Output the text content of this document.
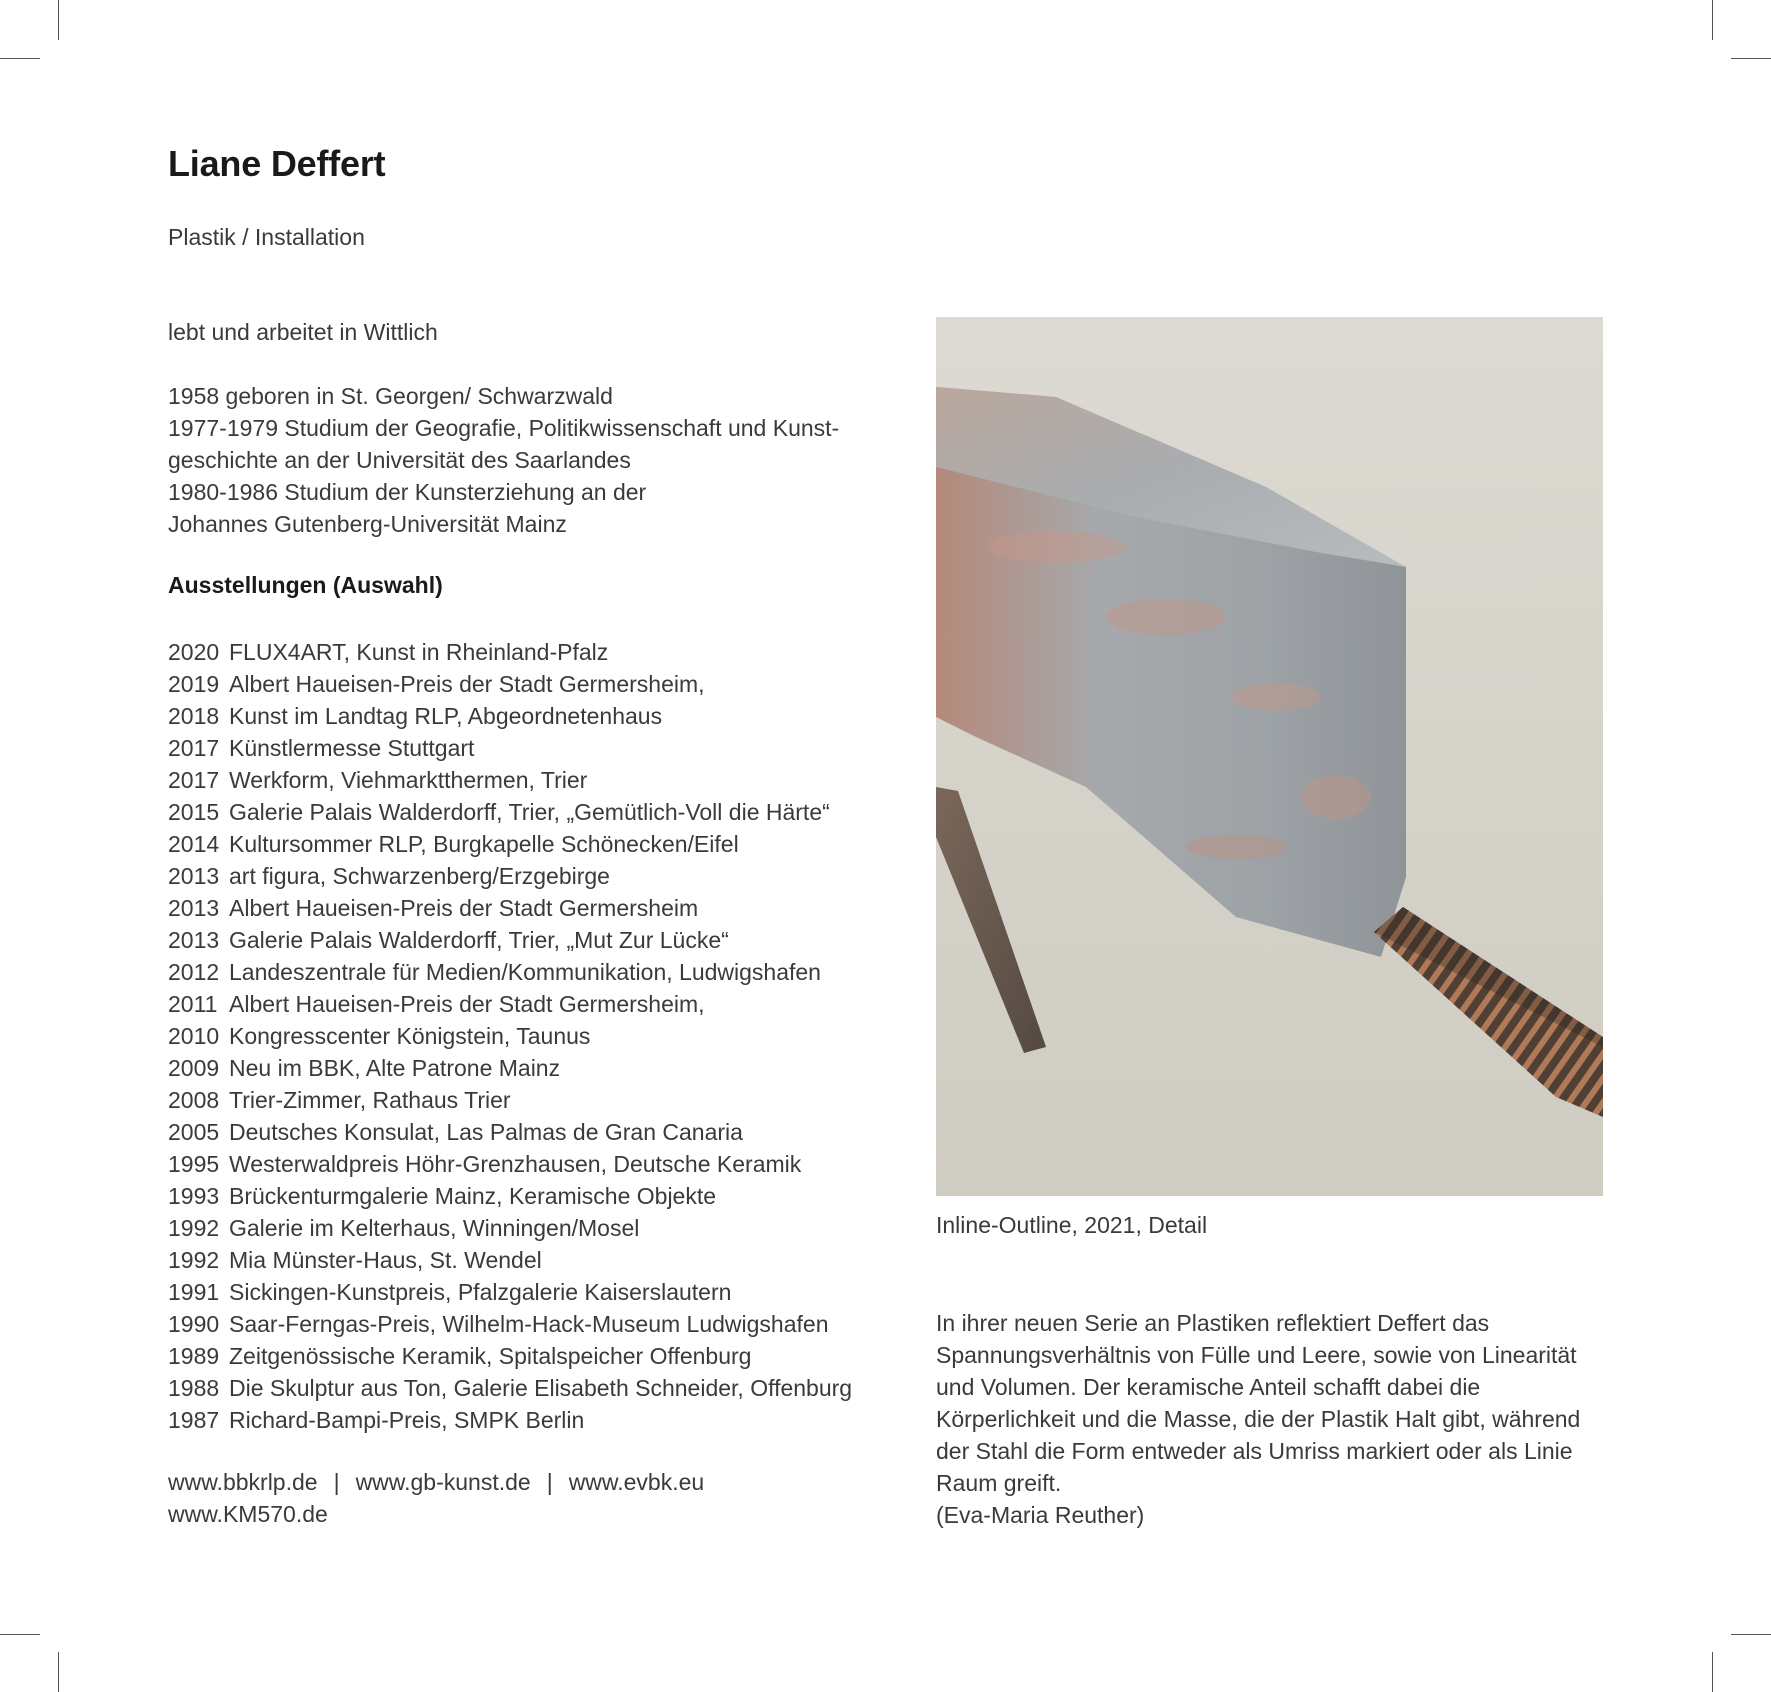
Liane Deffert
Plastik / Installation
lebt und arbeitet in Wittlich
1958 geboren in St. Georgen/ Schwarzwald
1977-1979 Studium der Geografie, Politikwissenschaft und Kunst-
geschichte an der Universität des Saarlandes
1980-1986 Studium der Kunsterziehung an der
Johannes Gutenberg-Universität Mainz
Ausstellungen (Auswahl)
2020 FLUX4ART, Kunst in Rheinland-Pfalz
2019 Albert Haueisen-Preis der Stadt Germersheim,
2018 Kunst im Landtag RLP, Abgeordnetenhaus
2017 Künstlermesse Stuttgart
2017 Werkform, Viehmarktthermen, Trier
2015 Galerie Palais Walderdorff, Trier, „Gemütlich-Voll die Härte“
2014 Kultursommer RLP, Burgkapelle Schönecken/Eifel
2013 art figura, Schwarzenberg/Erzgebirge
2013 Albert Haueisen-Preis der Stadt Germersheim
2013 Galerie Palais Walderdorff, Trier, „Mut Zur Lücke“
2012 Landeszentrale für Medien/Kommunikation, Ludwigshafen
2011 Albert Haueisen-Preis der Stadt Germersheim,
2010 Kongresscenter Königstein, Taunus
2009 Neu im BBK, Alte Patrone Mainz
2008 Trier-Zimmer, Rathaus Trier
2005 Deutsches Konsulat, Las Palmas de Gran Canaria
1995 Westerwaldpreis Höhr-Grenzhausen, Deutsche Keramik
1993 Brückenturmgalerie Mainz, Keramische Objekte
1992 Galerie im Kelterhaus, Winningen/Mosel
1992 Mia Münster-Haus, St. Wendel
1991 Sickingen-Kunstpreis, Pfalzgalerie Kaiserslautern
1990 Saar-Ferngas-Preis, Wilhelm-Hack-Museum Ludwigshafen
1989 Zeitgenössische Keramik, Spitalspeicher Offenburg
1988 Die Skulptur aus Ton, Galerie Elisabeth Schneider, Offenburg
1987 Richard-Bampi-Preis, SMPK Berlin
www.bbkrlp.de | www.gb-kunst.de | www.evbk.eu
www.KM570.de
Inline-Outline, 2021, Detail
In ihrer neuen Serie an Plastiken reflektiert Deffert das
Spannungsverhältnis von Fülle und Leere, sowie von Linearität
und Volumen. Der keramische Anteil schafft dabei die
Körperlichkeit und die Masse, die der Plastik Halt gibt, während
der Stahl die Form entweder als Umriss markiert oder als Linie
Raum greift.
(Eva-Maria Reuther)
